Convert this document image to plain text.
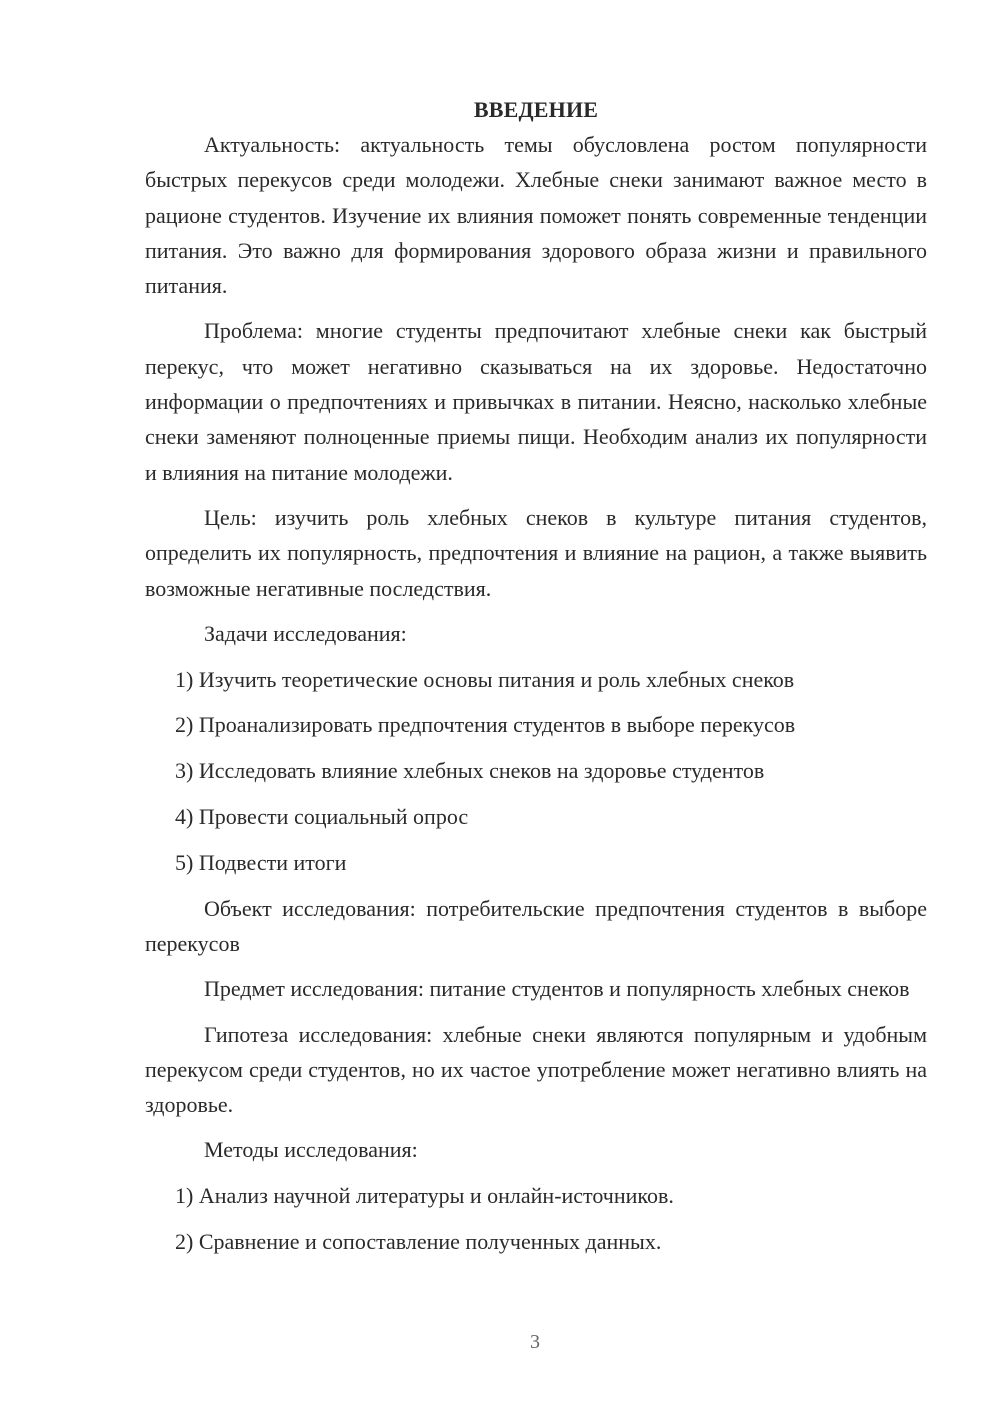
ВВЕДЕНИЕ

Актуальность: актуальность темы обусловлена ростом популярности быстрых перекусов среди молодежи. Хлебные снеки занимают важное место в рационе студентов. Изучение их влияния поможет понять современные тенденции питания. Это важно для формирования здорового образа жизни и правильного питания.

Проблема: многие студенты предпочитают хлебные снеки как быстрый перекус, что может негативно сказываться на их здоровье. Недостаточно информации о предпочтениях и привычках в питании. Неясно, насколько хлебные снеки заменяют полноценные приемы пищи. Необходим анализ их популярности и влияния на питание молодежи.

Цель: изучить роль хлебных снеков в культуре питания студентов, определить их популярность, предпочтения и влияние на рацион, а также выявить возможные негативные последствия.

Задачи исследования:

1) Изучить теоретические основы питания и роль хлебных снеков

2) Проанализировать предпочтения студентов в выборе перекусов

3) Исследовать влияние хлебных снеков на здоровье студентов

4) Провести социальный опрос

5) Подвести итоги

Объект исследования: потребительские предпочтения студентов в выборе перекусов

Предмет исследования: питание студентов и популярность хлебных снеков

Гипотеза исследования: хлебные снеки являются популярным и удобным перекусом среди студентов, но их частое употребление может негативно влиять на здоровье.

Методы исследования:

1) Анализ научной литературы и онлайн-источников.

2) Сравнение и сопоставление полученных данных.

3
